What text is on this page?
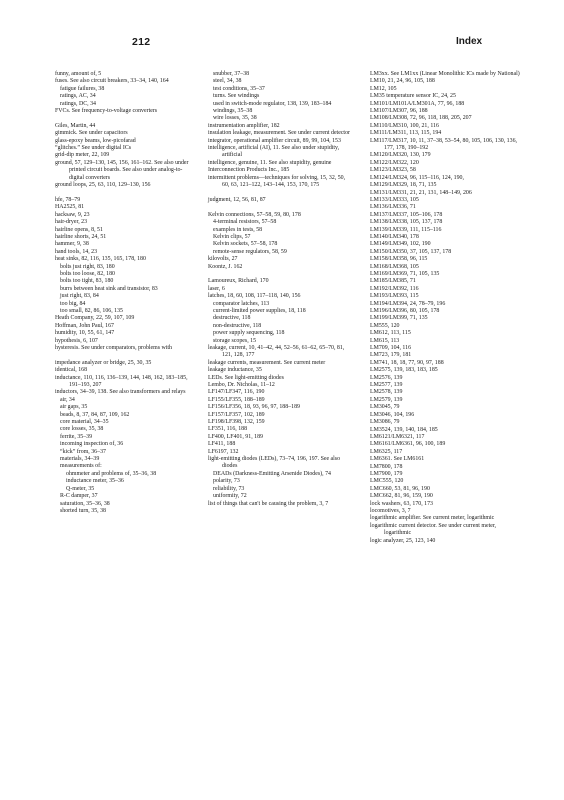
212	Index
funny, amount of, 5
fuses. See also circuit breakers, 33–34, 140, 164
fatigue failures, 38
ratings, AC, 34
ratings, DC, 34
FVCs. See frequency-to-voltage converters
Giles, Martin, 44
gimmick. See under capacitors
glass-epoxy beams, low-picofarad
“glitches.” See under digital ICs
grid-dip meter, 22, 109
ground, 57, 129–130, 145, 156, 161–162. See also under printed circuit boards. See also under analog-to-digital converters
ground loops, 25, 63, 110, 129–130, 156
hfe, 78–79
HA2525, 81
hacksaw, 9, 23
hair-dryer, 23
hairline opens, 8, 51
hairline shorts, 24, 51
hammer, 9, 38
hand tools, 14, 23
heat sinks, 82, 116, 135, 165, 178, 180
bolts just right, 83, 180
bolts too loose, 82, 180
bolts too tight, 83, 180
burrs between heat sink and transistor, 83
just right, 83, 84
too big, 84
too small, 82, 86, 106, 135
Heath Company, 22, 59, 107, 109
Hoffman, John Paul, 167
humidity, 10, 55, 61, 147
hypothesis, 6, 107
hysteresis. See under comparators, problems with
impedance analyzer or bridge, 25, 30, 35
identical, 168
inductance, 110, 116, 136–139, 144, 148, 162, 183–185, 191–193, 207
inductors, 34–39, 138. See also transformers and relays
air, 34
air gaps, 35
beads, 8, 37, 84, 87, 109, 162
core material, 34–35
core losses, 35, 38
ferrite, 35–39
incoming inspection of, 36
“kick” from, 36–37
materials, 34–39
measurements of:
ohmmeter and problems of, 35–36, 38
inductance meter, 35–36
Q-meter, 35
R-C damper, 37
saturation, 35–36, 38
shorted turn, 35, 38
snubber, 37–38
steel, 34, 38
test conditions, 35–37
turns. See windings
used in switch-mode regulator, 138, 139, 183–184
windings, 35–38
wire losses, 35, 38
instrumentation amplifier, 182
insulation leakage, measurement. See under current detector
integrator, operational amplifier circuit, 89, 99, 104, 153
intelligence, artificial (AI), 11. See also under stupidity, artificial
intelligence, genuine, 11. See also stupidity, genuine
Interconnection Products Inc., 185
intermittent problems—techniques for solving, 15, 32, 50, 60, 63, 121–122, 143–144, 153, 170, 175
judgment, 12, 56, 81, 87
Kelvin connections, 57–58, 59, 80, 178
4-terminal resistors, 57–58
examples in tests, 58
Kelvin clips, 57
Kelvin sockets, 57–58, 178
remote-sense regulators, 58, 59
kilovolts, 27
Koontz, J. 162
Lamoureux, Richard, 170
laser, 6
latches, 18, 60, 108, 117–118, 140, 156
comparator latches, 113
current-limited power supplies, 18, 118
destructive, 118
non-destructive, 118
power supply sequencing, 118
storage scopes, 15
leakage, current, 10, 41–42, 44, 52–56, 61–62, 65–70, 81, 121, 128, 177
leakage currents, measurement. See current meter
leakage inductance, 35
LEDs. See light-emitting diodes
Lembo, Dr. Nicholas, 11–12
LF147/LF347, 116, 190
LF155/LF355, 188–189
LF156/LF356, 18, 93, 96, 97, 188–189
LF157/LF357, 102, 189
LF198/LF398, 132, 159
LF351, 116, 188
LF400, LF401, 91, 189
LF411, 188
LF6197, 132
light-emitting diodes (LEDs), 73–74, 196, 197. See also diodes
DEADs (Darkness-Emitting Arsenide Diodes), 74
polarity, 73
reliability, 73
uniformity, 72
list of things that can't be causing the problem, 3, 7
LM3xx. See LM1xx (Linear Monolithic ICs made by National)
LM10, 21, 24, 96, 105, 188
LM12, 105
LM35 temperature sensor IC, 24, 25
LM101/LM101A/LM301A, 77, 96, 188
LM107/LM307, 96, 188
LM108/LM308, 72, 96, 118, 188, 205, 207
LM110/LM310, 100, 21, 116
LM111/LM311, 113, 115, 194
LM117/LM317, 10, 11, 37–38, 53–54, 80, 105, 106, 130, 136, 177, 178, 190–192
LM120/LM320, 130, 179
LM122/LM322, 120
LM123/LM323, 58
LM124/LM324, 96, 115–116, 124, 190,
LM129/LM329, 18, 71, 135
LM131/LM331, 21, 21, 131, 148–149, 206
LM133/LM333, 105
LM136/LM336, 71
LM137/LM337, 105–106, 178
LM138/LM338, 105, 137, 178
LM139/LM339, 111, 115–116
LM140/LM340, 178
LM149/LM349, 102, 190
LM150/LM350, 37, 105, 137, 178
LM158/LM358, 96, 115
LM168/LM368, 105
LM169/LM369, 71, 105, 135
LM185/LM385, 71
LM192/LM392, 116
LM193/LM393, 115
LM194/LM394, 24, 78–79, 196
LM196/LM396, 80, 105, 178
LM199/LM399, 71, 135
LM555, 120
LM612, 113, 115
LM615, 113
LM709, 104, 116
LM723, 179, 181
LM741, 18, 18, 77, 90, 97, 188
LM2575, 139, 183, 183, 185
LM2576, 139
LM2577, 139
LM2578, 139
LM2579, 139
LM3045, 79
LM3046, 104, 196
LM3086, 79
LM3524, 139, 140, 184, 185
LM6121/LM6321, 117
LM6161/LM6361, 96, 100, 189
LM6325, 117
LM6361. See LM6161
LM7800, 178
LM7900, 179
LMC555, 120
LMC660, 53, 81, 96, 190
LMC662, 81, 96, 159, 190
lock washers, 63, 170, 173
locomotives, 3, 7
logarithmic amplifier. See current meter, logarithmic
logarithmic current detector. See under current meter, logarithmic
logic analyzer, 25, 123, 140
